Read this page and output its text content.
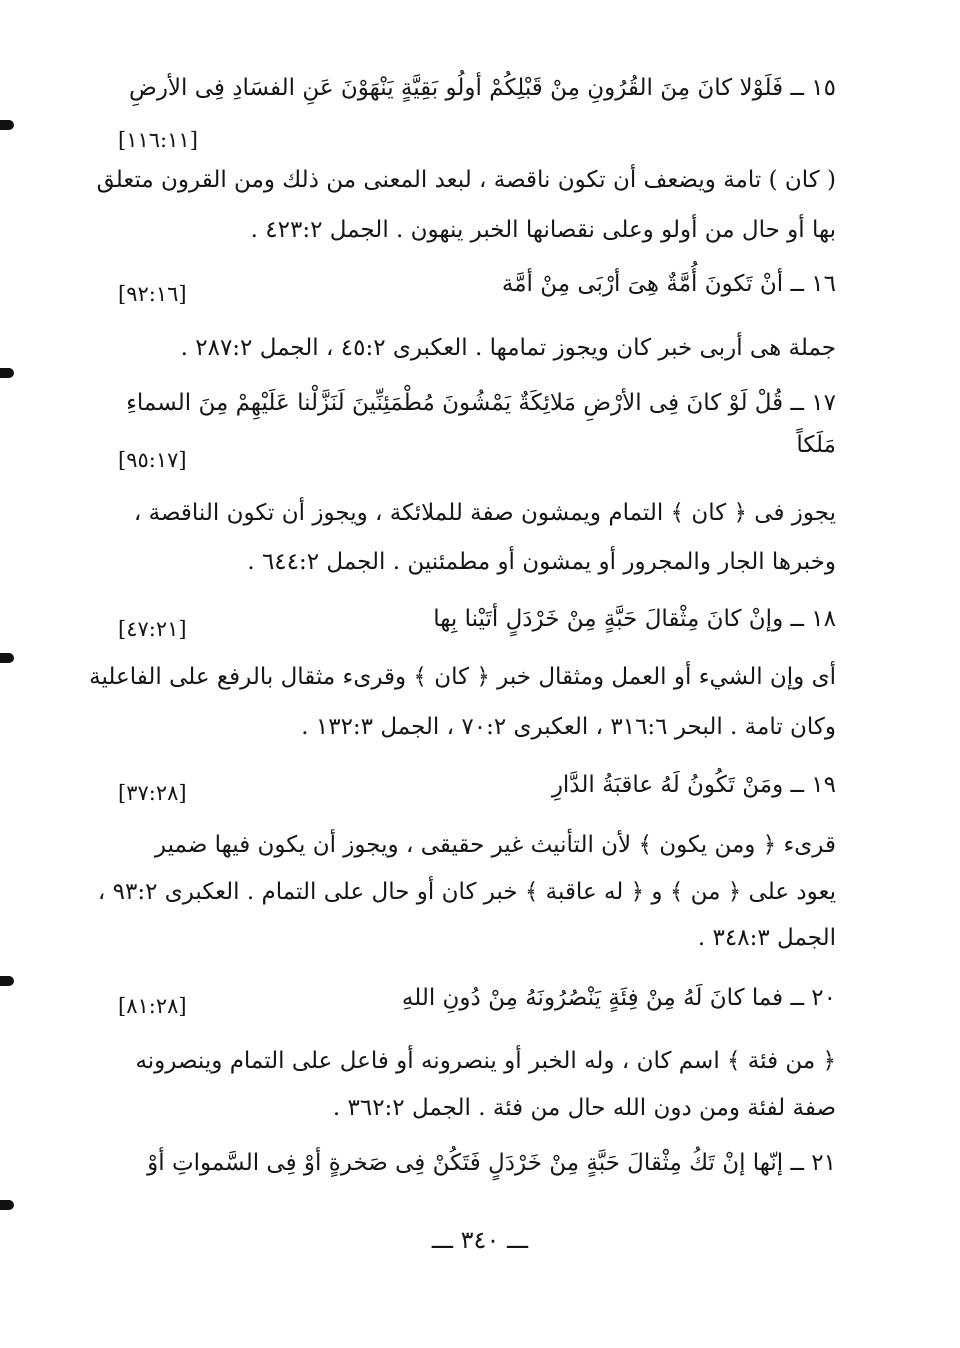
١٥ ــ فَلَوْلا كانَ مِنَ القُرُونِ مِنْ قَبْلِكُمْ أولُو بَقِيَّةٍ يَنْهَوْنَ عَنِ الفسَادِ فِى الأرضِ
[١١٦:١١]
( كان ) تامة ويضعف أن تكون ناقصة ، لبعد المعنى من ذلك ومن القرون متعلق
بها أو حال من أولو وعلى نقصانها الخبر ينهون . الجمل ٤٢٣:٢ .
١٦ ــ أنْ تَكونَ أُمَّةٌ هِىَ أرْبَى مِنْ أمَّة
[٩٢:١٦]
جملة هى أربى خبر كان ويجوز تمامها . العكبرى ٤٥:٢ ، الجمل ٢٨٧:٢ .
١٧ ــ قُلْ لَوْ كانَ فِى الأرْضِ مَلائِكَةٌ يَمْشُونَ مُطْمَئِنِّينَ لَنَزَّلْنا عَلَيْهِمْ مِنَ السماءِ
مَلَكاً
[٩٥:١٧]
يجوز فى ﴿ كان ﴾ التمام ويمشون صفة للملائكة ، ويجوز أن تكون الناقصة ،
وخبرها الجار والمجرور أو يمشون أو مطمئنين . الجمل ٦٤٤:٢ .
١٨ ــ وإنْ كانَ مِثْقالَ حَبَّةٍ مِنْ خَرْدَلٍ أتَيْنا بِها
[٤٧:٢١]
أى وإن الشيء أو العمل ومثقال خبر ﴿ كان ﴾ وقرىء مثقال بالرفع على الفاعلية
وكان تامة . البحر ٣١٦:٦ ، العكبرى ٧٠:٢ ، الجمل ١٣٢:٣ .
١٩ ــ ومَنْ تَكُونُ لَهُ عاقبَةُ الدَّارِ
[٣٧:٢٨]
قرىء ﴿ ومن يكون ﴾ لأن التأنيث غير حقيقى ، ويجوز أن يكون فيها ضمير
يعود على ﴿ من ﴾ و ﴿ له عاقبة ﴾ خبر كان أو حال على التمام . العكبرى ٩٣:٢ ،
الجمل ٣٤٨:٣ .
٢٠ ــ فما كانَ لَهُ مِنْ فِئَةٍ يَنْصُرُونَهُ مِنْ دُونِ اللهِ
[٨١:٢٨]
﴿ من فئة ﴾ اسم كان ، وله الخبر أو ينصرونه أو فاعل على التمام وينصرونه
صفة لفئة ومن دون الله حال من فئة . الجمل ٣٦٢:٢ .
٢١ ــ إنّها إنْ تَكُ مِثْقالَ حَبَّةٍ مِنْ خَرْدَلٍ فَتَكُنْ فِى صَخرةٍ أوْ فِى السَّمواتِ أوْ
ـــ ٣٤٠ ـــ
